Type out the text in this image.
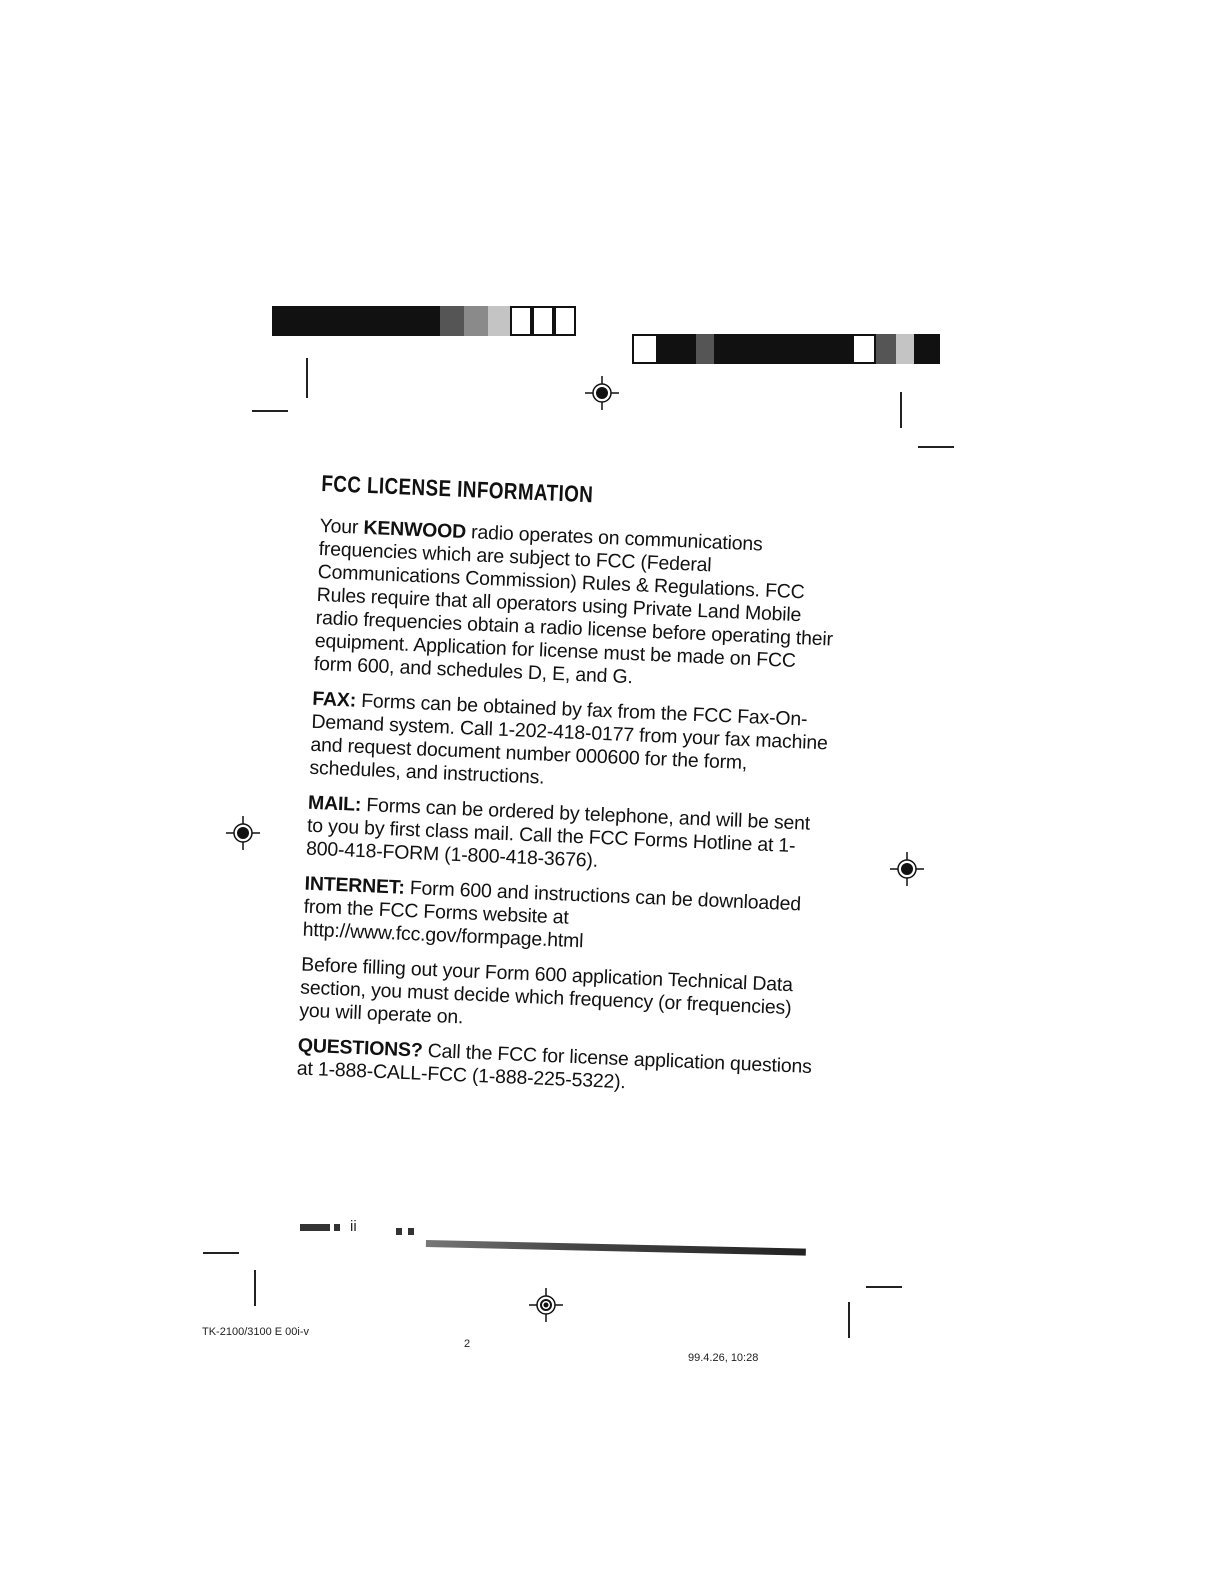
FCC LICENSE INFORMATION

Your KENWOOD radio operates on communications frequencies which are subject to FCC (Federal Communications Commission) Rules & Regulations. FCC Rules require that all operators using Private Land Mobile radio frequencies obtain a radio license before operating their equipment. Application for license must be made on FCC form 600, and schedules D, E, and G.

FAX: Forms can be obtained by fax from the FCC Fax-On-Demand system. Call 1-202-418-0177 from your fax machine and request document number 000600 for the form, schedules, and instructions.

MAIL: Forms can be ordered by telephone, and will be sent to you by first class mail. Call the FCC Forms Hotline at 1-800-418-FORM (1-800-418-3676).

INTERNET: Form 600 and instructions can be downloaded from the FCC Forms website at http://www.fcc.gov/formpage.html

Before filling out your Form 600 application Technical Data section, you must decide which frequency (or frequencies) you will operate on.

QUESTIONS? Call the FCC for license application questions at 1-888-CALL-FCC (1-888-225-5322).

ii
TK-2100/3100 E 00i-v
2
99.4.26, 10:28
